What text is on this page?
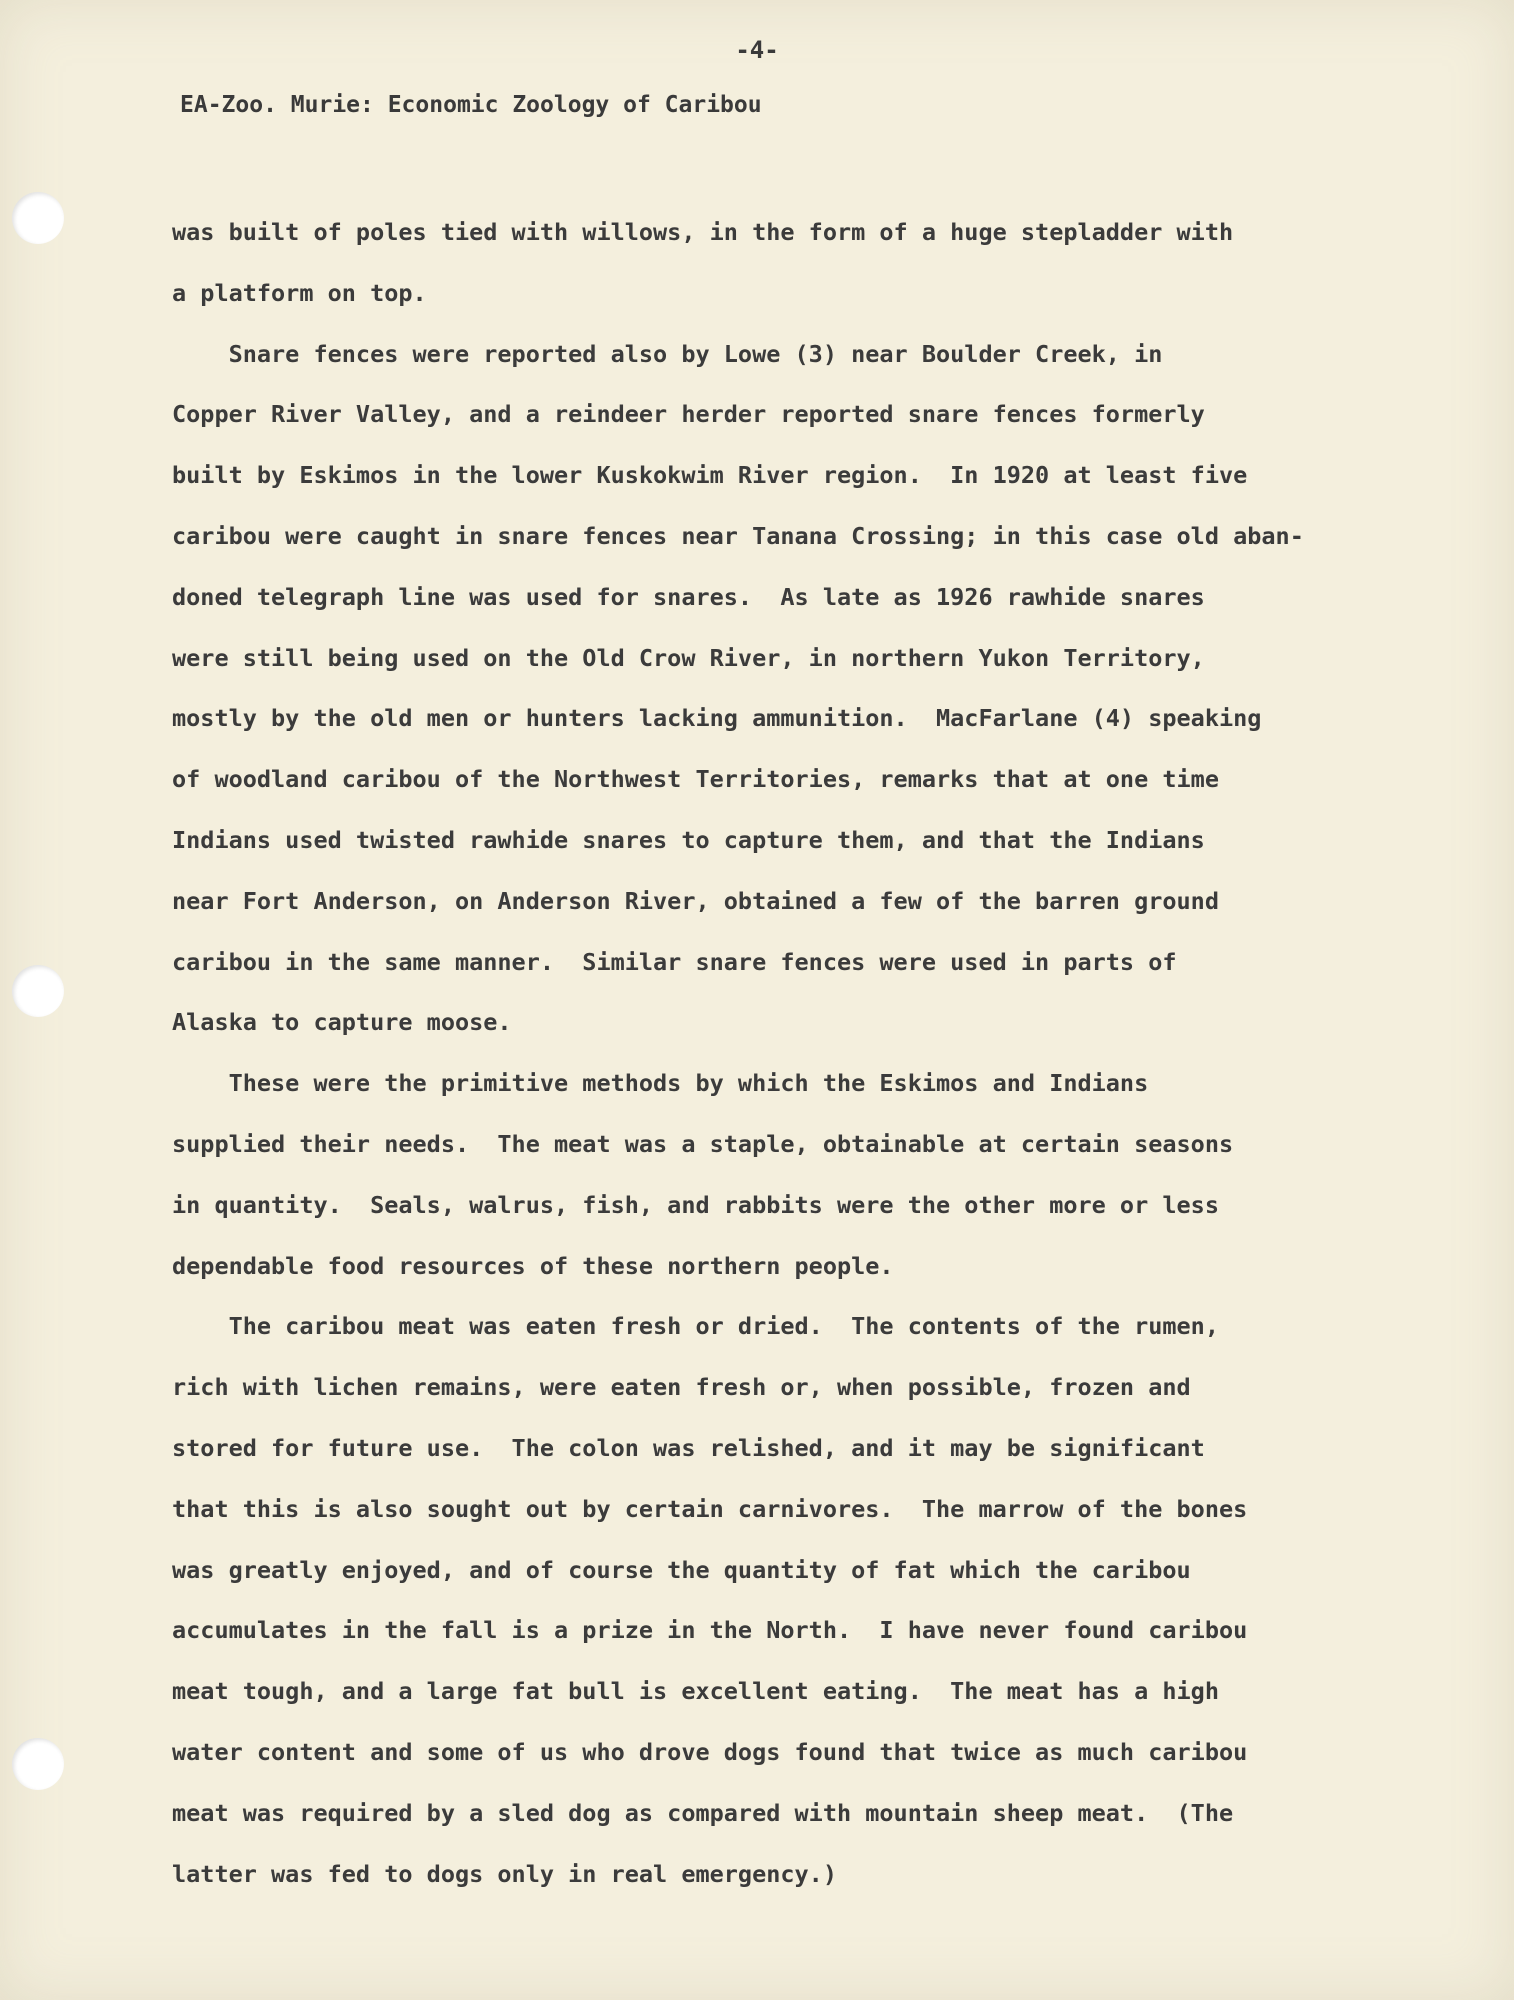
-4-
EA-Zoo. Murie: Economic Zoology of Caribou
was built of poles tied with willows, in the form of a huge stepladder with
a platform on top.
Snare fences were reported also by Lowe (3) near Boulder Creek, in
Copper River Valley, and a reindeer herder reported snare fences formerly
built by Eskimos in the lower Kuskokwim River region.  In 1920 at least five
caribou were caught in snare fences near Tanana Crossing; in this case old aban-
doned telegraph line was used for snares.  As late as 1926 rawhide snares
were still being used on the Old Crow River, in northern Yukon Territory,
mostly by the old men or hunters lacking ammunition.  MacFarlane (4) speaking
of woodland caribou of the Northwest Territories, remarks that at one time
Indians used twisted rawhide snares to capture them, and that the Indians
near Fort Anderson, on Anderson River, obtained a few of the barren ground
caribou in the same manner.  Similar snare fences were used in parts of
Alaska to capture moose.
These were the primitive methods by which the Eskimos and Indians
supplied their needs.  The meat was a staple, obtainable at certain seasons
in quantity.  Seals, walrus, fish, and rabbits were the other more or less
dependable food resources of these northern people.
The caribou meat was eaten fresh or dried.  The contents of the rumen,
rich with lichen remains, were eaten fresh or, when possible, frozen and
stored for future use.  The colon was relished, and it may be significant
that this is also sought out by certain carnivores.  The marrow of the bones
was greatly enjoyed, and of course the quantity of fat which the caribou
accumulates in the fall is a prize in the North.  I have never found caribou
meat tough, and a large fat bull is excellent eating.  The meat has a high
water content and some of us who drove dogs found that twice as much caribou
meat was required by a sled dog as compared with mountain sheep meat.  (The
latter was fed to dogs only in real emergency.)
